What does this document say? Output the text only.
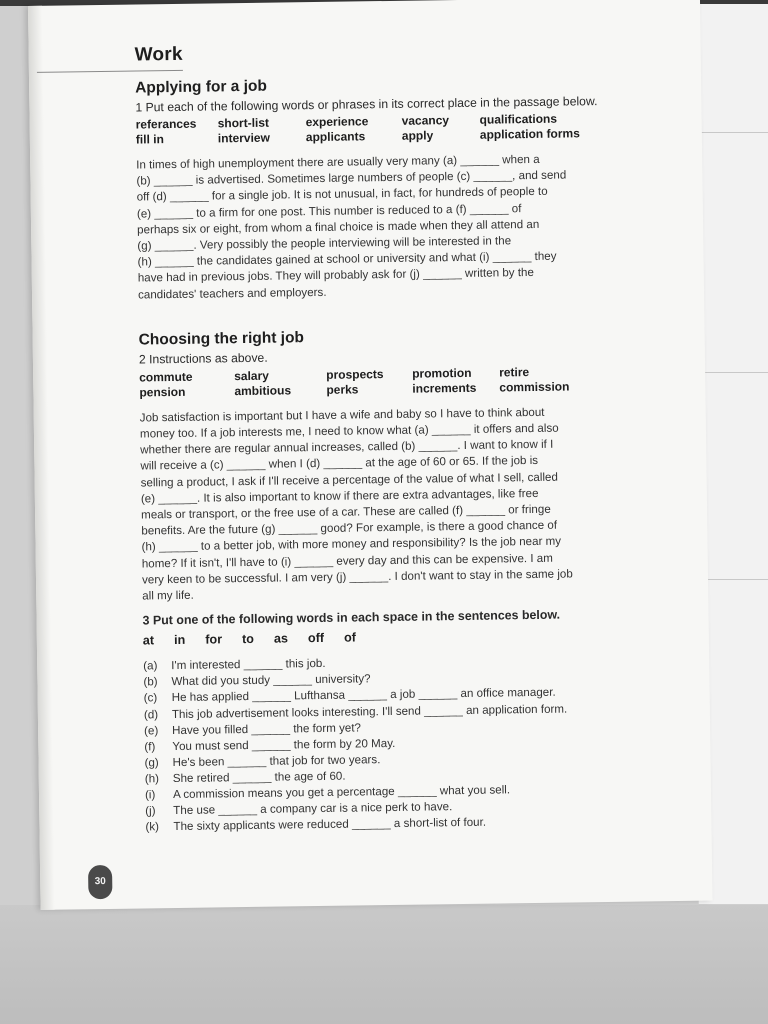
Work
Applying for a job
1 Put each of the following words or phrases in its correct place in the passage below.
referances	short-list	experience	vacancy	qualifications
fill in	interview	applicants	apply	application forms

In times of high unemployment there are usually very many (a) ______ when a

(b) ______ is advertised. Sometimes large numbers of people (c) ______, and send

off (d) ______ for a single job. It is not unusual, in fact, for hundreds of people to

(e) ______ to a firm for one post. This number is reduced to a (f) ______ of

perhaps six or eight, from whom a final choice is made when they all attend an

(g) ______. Very possibly the people interviewing will be interested in the

(h) ______ the candidates gained at school or university and what (i) ______ they

have had in previous jobs. They will probably ask for (j) ______ written by the

candidates' teachers and employers.

Choosing the right job
2 Instructions as above.
commute	salary	prospects	promotion	retire
pension	ambitious	perks	increments	commission

Job satisfaction is important but I have a wife and baby so I have to think about

money too. If a job interests me, I need to know what (a) ______ it offers and also

whether there are regular annual increases, called (b) ______. I want to know if I

will receive a (c) ______ when I (d) ______ at the age of 60 or 65. If the job is

selling a product, I ask if I'll receive a percentage of the value of what I sell, called

(e) ______. It is also important to know if there are extra advantages, like free

meals or transport, or the free use of a car. These are called (f) ______ or fringe

benefits. Are the future (g) ______ good? For example, is there a good chance of

(h) ______ to a better job, with more money and responsibility? Is the job near my

home? If it isn't, I'll have to (i) ______ every day and this can be expensive. I am

very keen to be successful. I am very (j) ______. I don't want to stay in the same job

all my life.

3 Put one of the following words in each space in the sentences below.
at in for to as off of
(a)	I'm interested ______ this job.
(b)	What did you study ______ university?
(c)	He has applied ______ Lufthansa ______ a job ______ an office manager.
(d)	This job advertisement looks interesting. I'll send ______ an application form.
(e)	Have you filled ______ the form yet?
(f)	You must send ______ the form by 20 May.
(g)	He's been ______ that job for two years.
(h)	She retired ______ the age of 60.
(i)	A commission means you get a percentage ______ what you sell.
(j)	The use ______ a company car is a nice perk to have.
(k)	The sixty applicants were reduced ______ a short-list of four.
30
